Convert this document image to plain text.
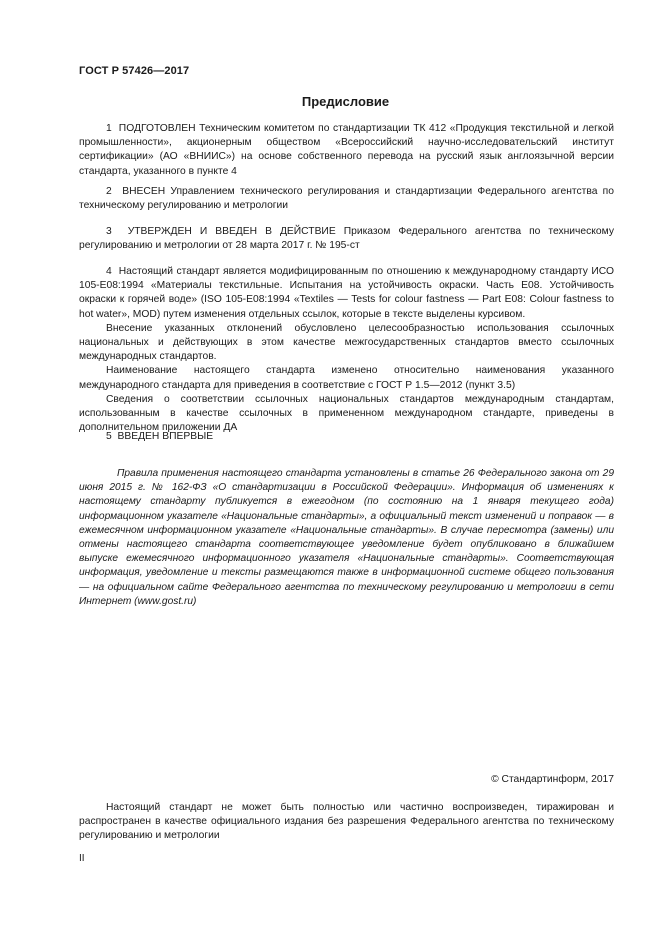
ГОСТ Р 57426—2017
Предисловие

1 ПОДГОТОВЛЕН Техническим комитетом по стандартизации ТК 412 «Продукция текстильной и легкой промышленности», акционерным обществом «Всероссийский научно-исследовательский институт сертификации» (АО «ВНИИС») на основе собственного перевода на русский язык англоязычной версии стандарта, указанного в пункте 4

2 ВНЕСЕН Управлением технического регулирования и стандартизации Федерального агентства по техническому регулированию и метрологии

3 УТВЕРЖДЕН И ВВЕДЕН В ДЕЙСТВИЕ Приказом Федерального агентства по техническому регулированию и метрологии от 28 марта 2017 г. № 195-ст

4 Настоящий стандарт является модифицированным по отношению к международному стандарту ИСО 105-Е08:1994 «Материалы текстильные. Испытания на устойчивость окраски. Часть Е08. Устойчивость окраски к горячей воде» (ISO 105-E08:1994 «Textiles — Tests for colour fastness — Part E08: Colour fastness to hot water», MOD) путем изменения отдельных ссылок, которые в тексте выделены курсивом.

Внесение указанных отклонений обусловлено целесообразностью использования ссылочных национальных и действующих в этом качестве межгосударственных стандартов вместо ссылочных международных стандартов.

Наименование настоящего стандарта изменено относительно наименования указанного международного стандарта для приведения в соответствие с ГОСТ Р 1.5—2012 (пункт 3.5)

Сведения о соответствии ссылочных национальных стандартов международным стандартам, использованным в качестве ссылочных в примененном международном стандарте, приведены в дополнительном приложении ДА

5 ВВЕДЕН ВПЕРВЫЕ

Правила применения настоящего стандарта установлены в статье 26 Федерального закона от 29 июня 2015 г. № 162-ФЗ «О стандартизации в Российской Федерации». Информация об изменениях к настоящему стандарту публикуется в ежегодном (по состоянию на 1 января текущего года) информационном указателе «Национальные стандарты», а официальный текст изменений и поправок — в ежемесячном информационном указателе «Национальные стандарты». В случае пересмотра (замены) или отмены настоящего стандарта соответствующее уведомление будет опубликовано в ближайшем выпуске ежемесячного информационного указателя «Национальные стандарты». Соответствующая информация, уведомление и тексты размещаются также в информационной системе общего пользования — на официальном сайте Федерального агентства по техническому регулированию и метрологии в сети Интернет (www.gost.ru)

© Стандартинформ, 2017

Настоящий стандарт не может быть полностью или частично воспроизведен, тиражирован и распространен в качестве официального издания без разрешения Федерального агентства по техническому регулированию и метрологии

II
